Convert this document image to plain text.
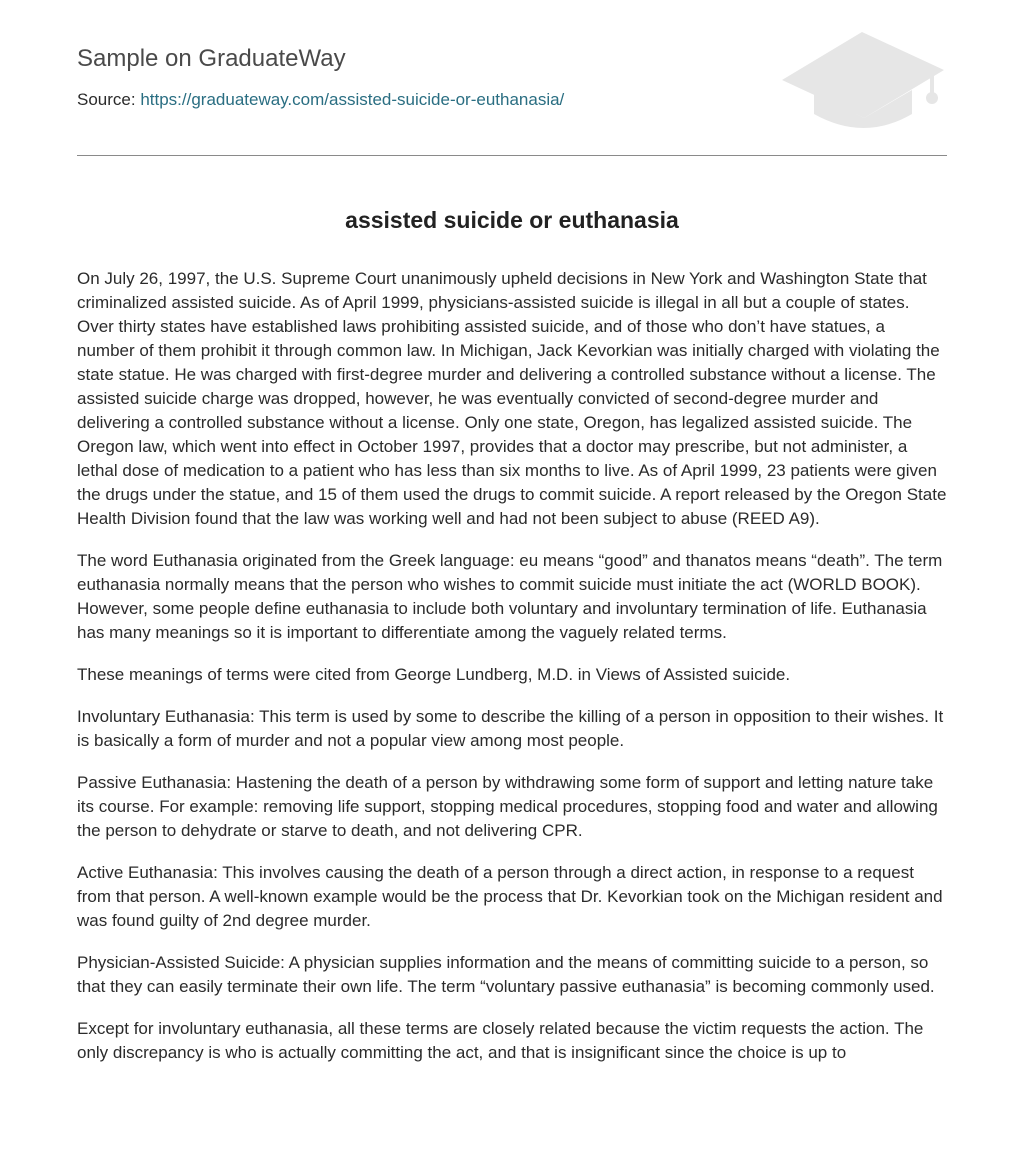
Sample on GraduateWay
Source: https://graduateway.com/assisted-suicide-or-euthanasia/
assisted suicide or euthanasia

On July 26, 1997, the U.S. Supreme Court unanimously upheld decisions in New York and Washington State that criminalized assisted suicide. As of April 1999, physicians-assisted suicide is illegal in all but a couple of states. Over thirty states have established laws prohibiting assisted suicide, and of those who don’t have statues, a number of them prohibit it through common law. In Michigan, Jack Kevorkian was initially charged with violating the state statue. He was charged with first-degree murder and delivering a controlled substance without a license. The assisted suicide charge was dropped, however, he was eventually convicted of second-degree murder and delivering a controlled substance without a license. Only one state, Oregon, has legalized assisted suicide. The Oregon law, which went into effect in October 1997, provides that a doctor may prescribe, but not administer, a lethal dose of medication to a patient who has less than six months to live. As of April 1999, 23 patients were given the drugs under the statue, and 15 of them used the drugs to commit suicide. A report released by the Oregon State Health Division found that the law was working well and had not been subject to abuse (REED A9).

The word Euthanasia originated from the Greek language: eu means “good” and thanatos means “death”. The term euthanasia normally means that the person who wishes to commit suicide must initiate the act (WORLD BOOK). However, some people define euthanasia to include both voluntary and involuntary termination of life. Euthanasia has many meanings so it is important to differentiate among the vaguely related terms.

These meanings of terms were cited from George Lundberg, M.D. in Views of Assisted suicide.

Involuntary Euthanasia: This term is used by some to describe the killing of a person in opposition to their wishes. It is basically a form of murder and not a popular view among most people.

Passive Euthanasia: Hastening the death of a person by withdrawing some form of support and letting nature take its course. For example: removing life support, stopping medical procedures, stopping food and water and allowing the person to dehydrate or starve to death, and not delivering CPR.

Active Euthanasia: This involves causing the death of a person through a direct action, in response to a request from that person. A well-known example would be the process that Dr. Kevorkian took on the Michigan resident and was found guilty of 2nd degree murder.

Physician-Assisted Suicide: A physician supplies information and the means of committing suicide to a person, so that they can easily terminate their own life. The term “voluntary passive euthanasia” is becoming commonly used.

Except for involuntary euthanasia, all these terms are closely related because the victim requests the action. The only discrepancy is who is actually committing the act, and that is insignificant since the choice is up to
